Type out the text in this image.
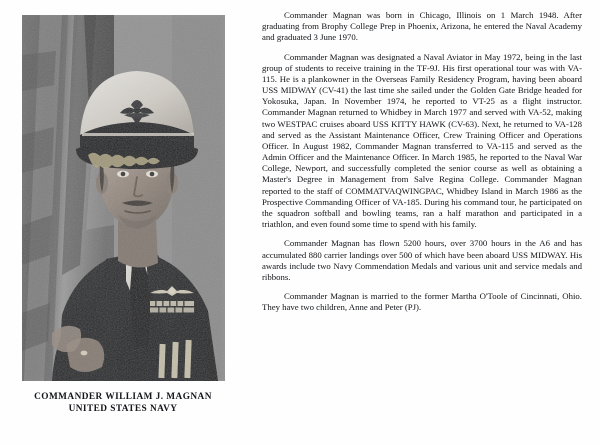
COMMANDER WILLIAM J. MAGNAN
UNITED STATES NAVY

Commander Magnan was born in Chicago, Illinois on 1 March 1948. After graduating from Brophy College Prep in Phoenix, Arizona, he entered the Naval Academy and graduated 3 June 1970.

Commander Magnan was designated a Naval Aviator in May 1972, being in the last group of students to receive training in the TF-9J. His first operational tour was with VA-115. He is a plankowner in the Overseas Family Residency Program, having been aboard USS MIDWAY (CV-41) the last time she sailed under the Golden Gate Bridge headed for Yokosuka, Japan. In November 1974, he reported to VT-25 as a flight instructor. Commander Magnan returned to Whidbey in March 1977 and served with VA-52, making two WESTPAC cruises aboard USS KITTY HAWK (CV-63). Next, he returned to VA-128 and served as the Assistant Maintenance Officer, Crew Training Officer and Operations Officer. In August 1982, Commander Magnan transferred to VA-115 and served as the Admin Officer and the Maintenance Officer. In March 1985, he reported to the Naval War College, Newport, and successfully completed the senior course as well as obtaining a Master's Degree in Management from Salve Regina College. Commander Magnan reported to the staff of COMMATVAQWINGPAC, Whidbey Island in March 1986 as the Prospective Commanding Officer of VA-185. During his command tour, he participated on the squadron softball and bowling teams, ran a half marathon and participated in a triathlon, and even found some time to spend with his family.

Commander Magnan has flown 5200 hours, over 3700 hours in the A6 and has accumulated 880 carrier landings over 500 of which have been aboard USS MIDWAY. His awards include two Navy Commendation Medals and various unit and service medals and ribbons.

Commander Magnan is married to the former Martha O'Toole of Cincinnati, Ohio. They have two children, Anne and Peter (PJ).
